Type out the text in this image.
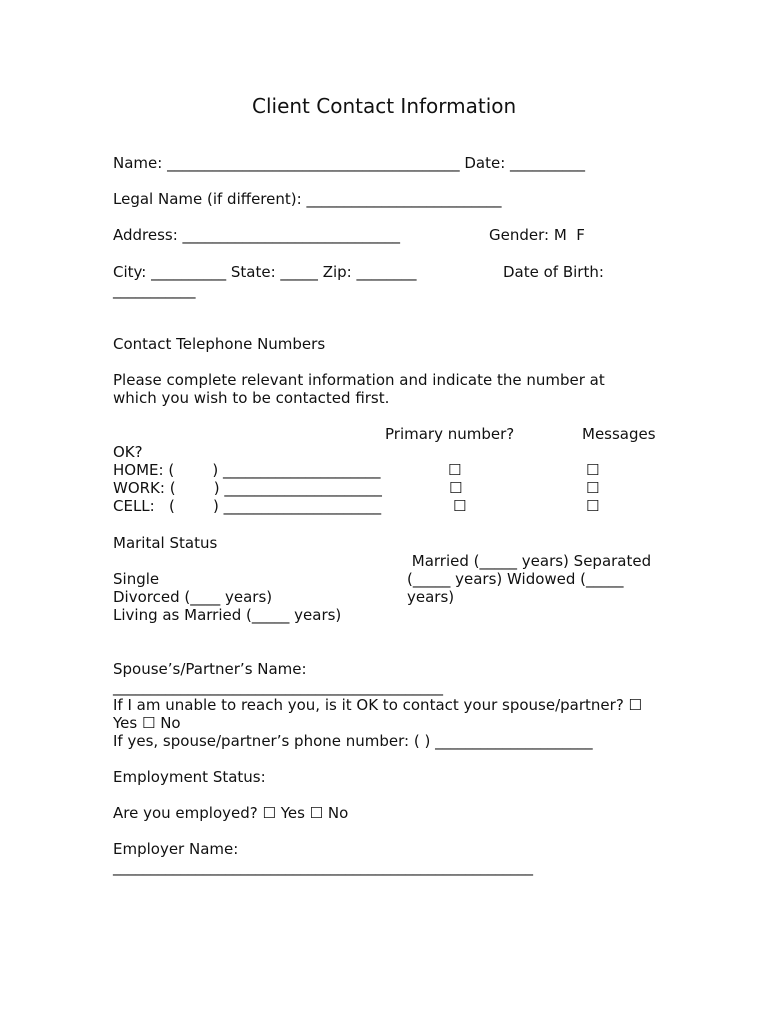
Client Contact Information
Name: _______________________________________ Date: __________
Legal Name (if different): __________________________
Address: _____________________________	Gender: M  F
City: __________ State: _____ Zip: ________	Date of Birth:
___________
Contact Telephone Numbers
Please complete relevant information and indicate the number at
which you wish to be contacted first.
Primary number?	Messages
OK?
HOME: (        ) _____________________	☐	☐
WORK: (        ) _____________________	☐	☐
CELL:   (        ) _____________________	☐	☐
Marital Status
Single
Divorced (____ years)
Living as Married (_____ years)
Married (_____ years) Separated
(_____ years) Widowed (_____
years)
Spouse’s/Partner’s Name:
____________________________________________
If I am unable to reach you, is it OK to contact your spouse/partner? ☐
Yes ☐ No
If yes, spouse/partner’s phone number: ( ) _____________________
Employment Status:
Are you employed? ☐ Yes ☐ No
Employer Name:
________________________________________________________
